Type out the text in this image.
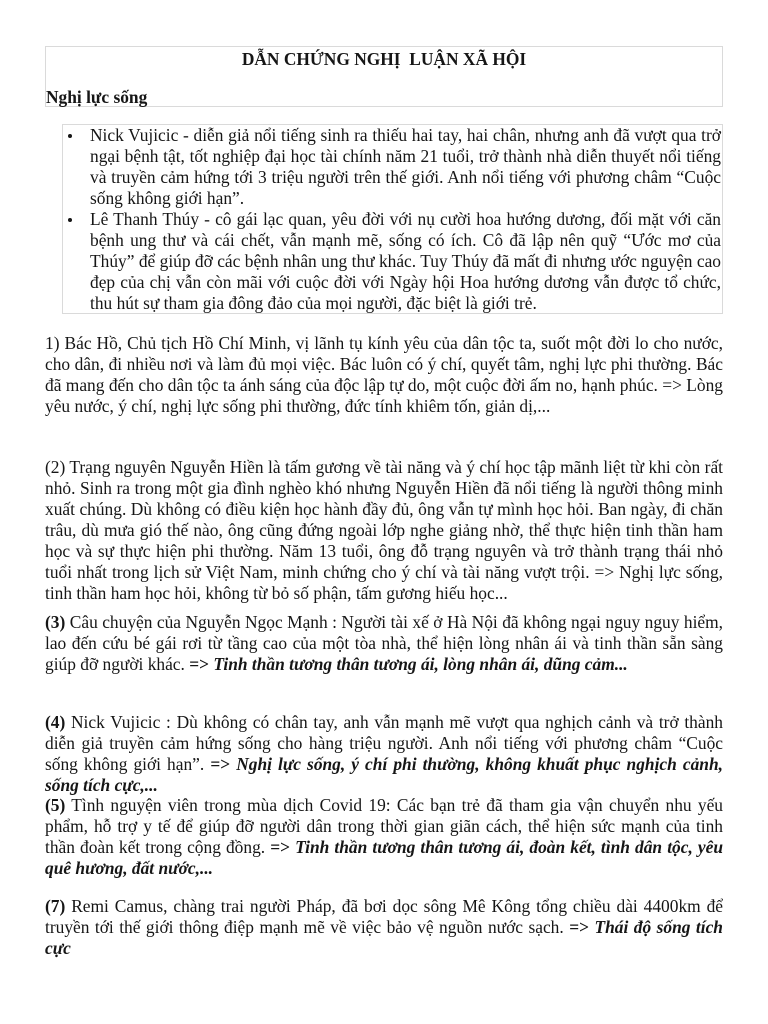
DẪN CHỨNG NGHỊ  LUẬN XÃ HỘI
Nghị lực sống
Nick Vujicic - diễn giả nổi tiếng sinh ra thiếu hai tay, hai chân, nhưng anh đã vượt qua trở ngại bệnh tật, tốt nghiệp đại học tài chính năm 21 tuổi, trở thành nhà diễn thuyết nổi tiếng và truyền cảm hứng tới 3 triệu người trên thế giới. Anh nổi tiếng với phương châm “Cuộc sống không giới hạn”.
Lê Thanh Thúy - cô gái lạc quan, yêu đời với nụ cười hoa hướng dương, đối mặt với căn bệnh ung thư và cái chết, vẫn mạnh mẽ, sống có ích. Cô đã lập nên quỹ “Ước mơ của Thúy” để giúp đỡ các bệnh nhân ung thư khác. Tuy Thúy đã mất đi nhưng ước nguyện cao đẹp của chị vẫn còn mãi với cuộc đời với Ngày hội Hoa hướng dương vẫn được tổ chức, thu hút sự tham gia đông đảo của mọi người, đặc biệt là giới trẻ.

1) Bác Hồ, Chủ tịch Hồ Chí Minh, vị lãnh tụ kính yêu của dân tộc ta, suốt một đời lo cho nước, cho dân, đi nhiều nơi và làm đủ mọi việc. Bác luôn có ý chí, quyết tâm, nghị lực phi thường. Bác đã mang đến cho dân tộc ta ánh sáng của độc lập tự do, một cuộc đời ấm no, hạnh phúc. => Lòng yêu nước, ý chí, nghị lực sống phi thường, đức tính khiêm tốn, giản dị,...

(2) Trạng nguyên Nguyễn Hiền là tấm gương về tài năng và ý chí học tập mãnh liệt từ khi còn rất nhỏ. Sinh ra trong một gia đình nghèo khó nhưng Nguyễn Hiền đã nổi tiếng là người thông minh xuất chúng. Dù không có điều kiện học hành đầy đủ, ông vẫn tự mình học hỏi. Ban ngày, đi chăn trâu, dù mưa gió thế nào, ông cũng đứng ngoài lớp nghe giảng nhờ, thể thực hiện tinh thần ham học và sự thực hiện phi thường. Năm 13 tuổi, ông đỗ trạng nguyên và trở thành trạng thái nhỏ tuổi nhất trong lịch sử Việt Nam, minh chứng cho ý chí và tài năng vượt trội. => Nghị lực sống, tinh thần ham học hỏi, không từ bỏ số phận, tấm gương hiếu học...

(3) Câu chuyện của Nguyễn Ngọc Mạnh : Người tài xế ở Hà Nội đã không ngại nguy nguy hiểm, lao đến cứu bé gái rơi từ tầng cao của một tòa nhà, thể hiện lòng nhân ái và tinh thần sẵn sàng giúp đỡ người khác. => Tinh thần tương thân tương ái, lòng nhân ái, dũng cảm...

(4) Nick Vujicic : Dù không có chân tay, anh vẫn mạnh mẽ vượt qua nghịch cảnh và trở thành diễn giả truyền cảm hứng sống cho hàng triệu người. Anh nổi tiếng với phương châm “Cuộc sống không giới hạn”. => Nghị lực sống, ý chí phi thường, không khuất phục nghịch cảnh, sống tích cực,...

(5) Tình nguyện viên trong mùa dịch Covid 19: Các bạn trẻ đã tham gia vận chuyển nhu yếu phẩm, hỗ trợ y tế để giúp đỡ người dân trong thời gian giãn cách, thể hiện sức mạnh của tinh thần đoàn kết trong cộng đồng. => Tinh thần tương thân tương ái, đoàn kết, tình dân tộc, yêu quê hương, đất nước,...

(7) Remi Camus, chàng trai người Pháp, đã bơi dọc sông Mê Kông tổng chiều dài 4400km để truyền tới thế giới thông điệp mạnh mẽ về việc bảo vệ nguồn nước sạch. => Thái độ sống tích cực
